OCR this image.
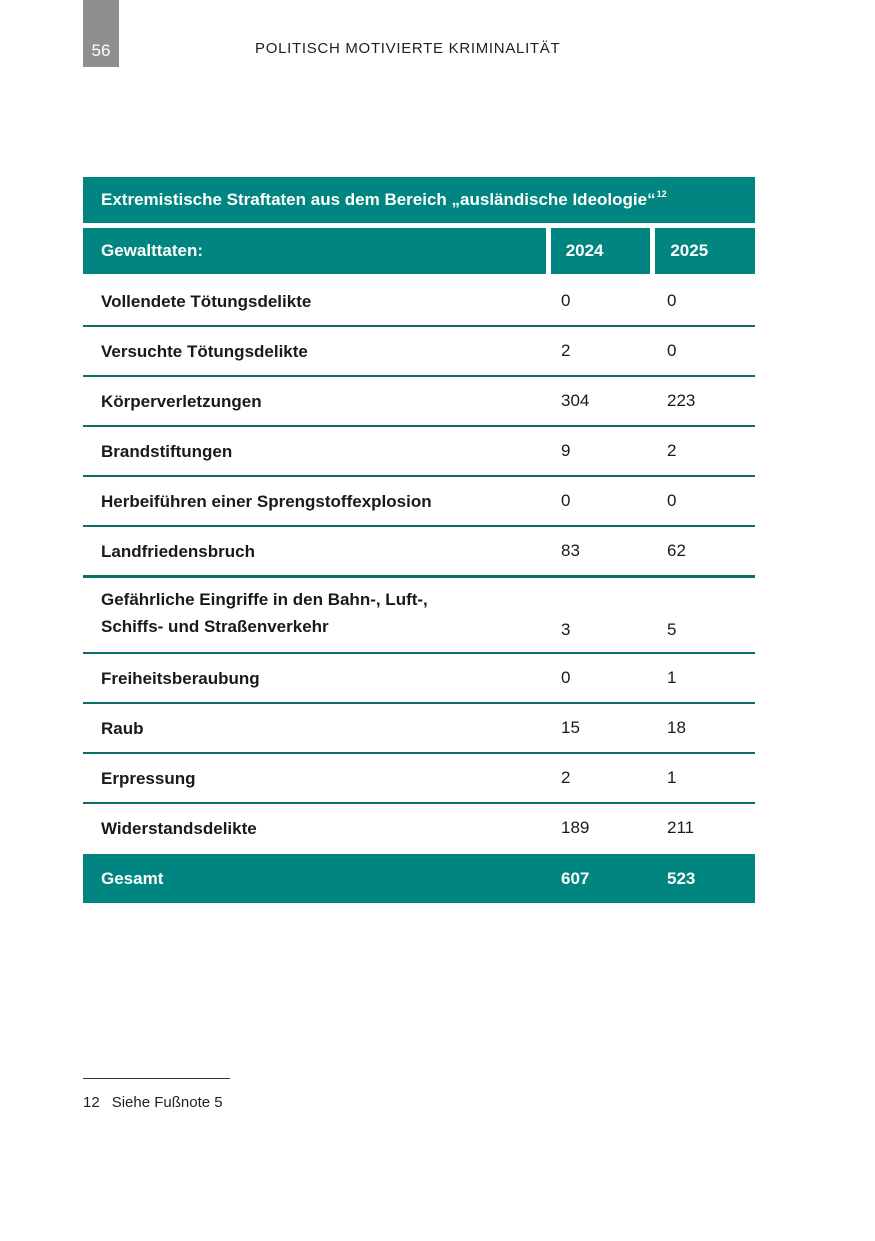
56	POLITISCH MOTIVIERTE KRIMINALITÄT
Extremistische Straftaten aus dem Bereich „ausländische Ideologie“$^{12}$
Gewalttaten:	2024	2025
Vollendete Tötungsdelikte	0	0
Versuchte Tötungsdelikte	2	0
Körperverletzungen	304	223
Brandstiftungen	9	2
Herbeiführen einer Sprengstoffexplosion	0	0
Landfriedensbruch	83	62
Gefährliche Eingriffe in den Bahn-, Luft-,
Schiffs- und Straßenverkehr	3	5
Freiheitsberaubung	0	1
Raub	15	18
Erpressung	2	1
Widerstandsdelikte	189	211
Gesamt	607	523
12 Siehe Fußnote 5
